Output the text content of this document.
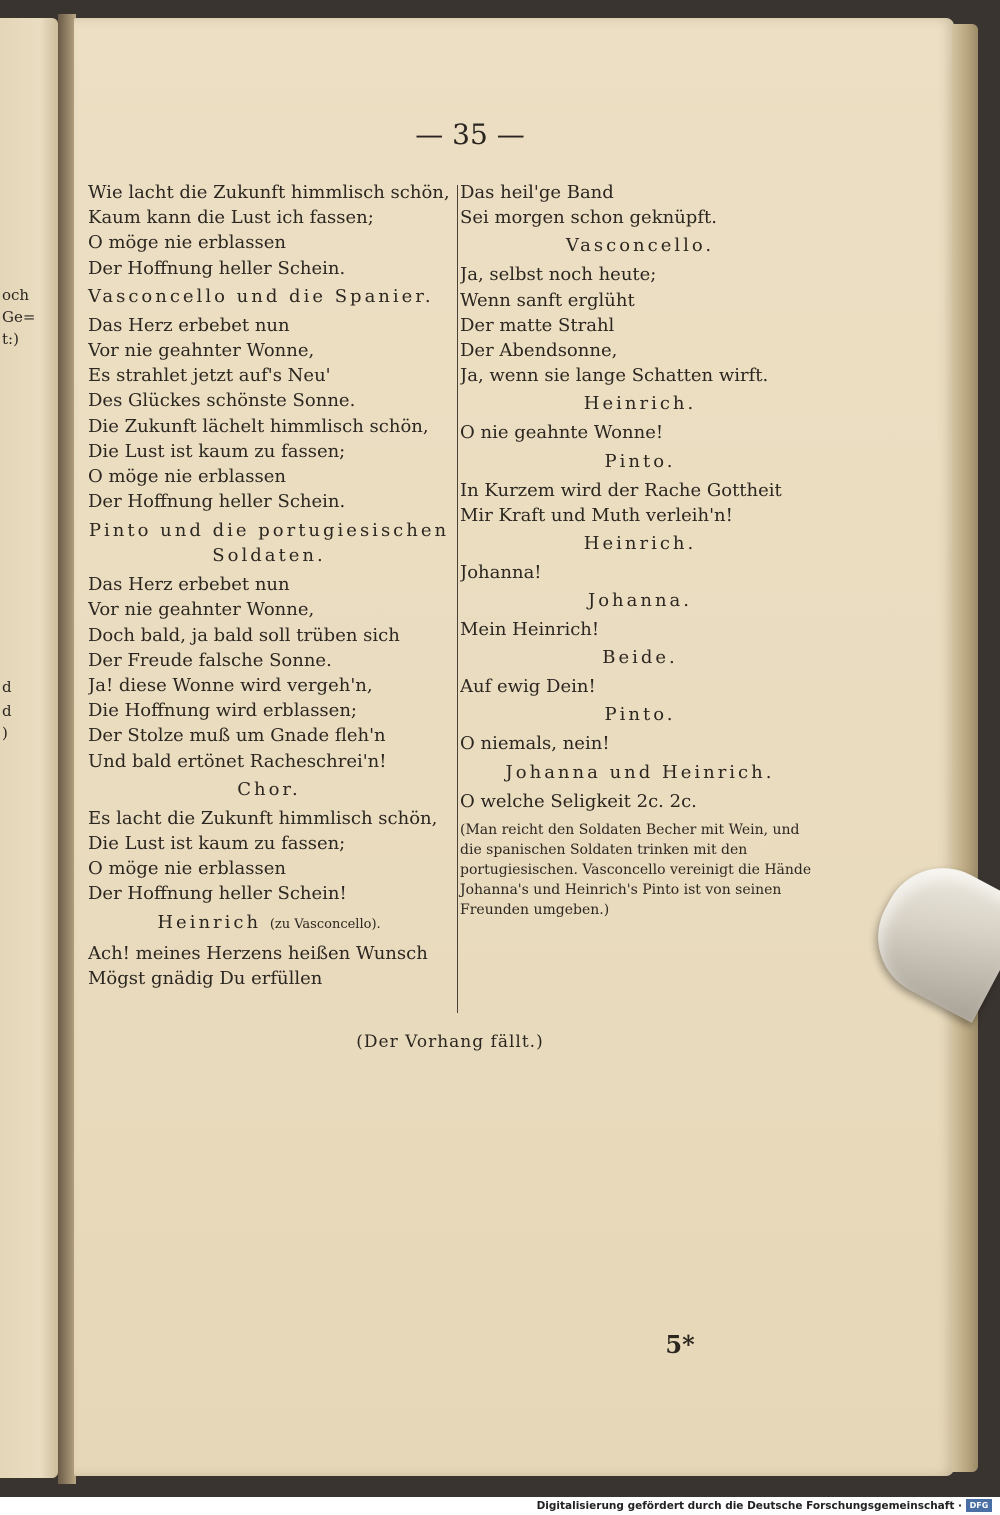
och
Ge=
t:)
d
d
)
— 35 —
Wie lacht die Zukunft himmlisch schön,
Kaum kann die Lust ich fassen;
O möge nie erblassen
Der Hoffnung heller Schein.
Vasconcello und die Spanier.
Das Herz erbebet nun
Vor nie geahnter Wonne,
Es strahlet jetzt auf's Neu'
Des Glückes schönste Sonne.
Die Zukunft lächelt himmlisch schön,
Die Lust ist kaum zu fassen;
O möge nie erblassen
Der Hoffnung heller Schein.
Pinto und die portugiesischen Soldaten.
Das Herz erbebet nun
Vor nie geahnter Wonne,
Doch bald, ja bald soll trüben sich
Der Freude falsche Sonne.
Ja! diese Wonne wird vergeh'n,
Die Hoffnung wird erblassen;
Der Stolze muß um Gnade fleh'n
Und bald ertönet Racheschrei'n!
Chor.
Es lacht die Zukunft himmlisch schön,
Die Lust ist kaum zu fassen;
O möge nie erblassen
Der Hoffnung heller Schein!
Heinrich (zu Vasconcello).
Ach! meines Herzens heißen Wunsch
Mögst gnädig Du erfüllen
Das heil'ge Band
Sei morgen schon geknüpft.
Vasconcello.
Ja, selbst noch heute;
Wenn sanft erglüht
Der matte Strahl
Der Abendsonne,
Ja, wenn sie lange Schatten wirft.
Heinrich.
O nie geahnte Wonne!
Pinto.
In Kurzem wird der Rache Gottheit
Mir Kraft und Muth verleih'n!
Heinrich.
Johanna!
Johanna.
Mein Heinrich!
Beide.
Auf ewig Dein!
Pinto.
O niemals, nein!
Johanna und Heinrich.
O welche Seligkeit 2c. 2c.
(Man reicht den Soldaten Becher mit Wein, und die spanischen Soldaten trinken mit den portugiesischen. Vasconcello vereinigt die Hände Johanna's und Heinrich's Pinto ist von seinen Freunden umgeben.)
(Der Vorhang fällt.)
5*
Digitalisierung gefördert durch die Deutsche Forschungsgemeinschaft · DFG
